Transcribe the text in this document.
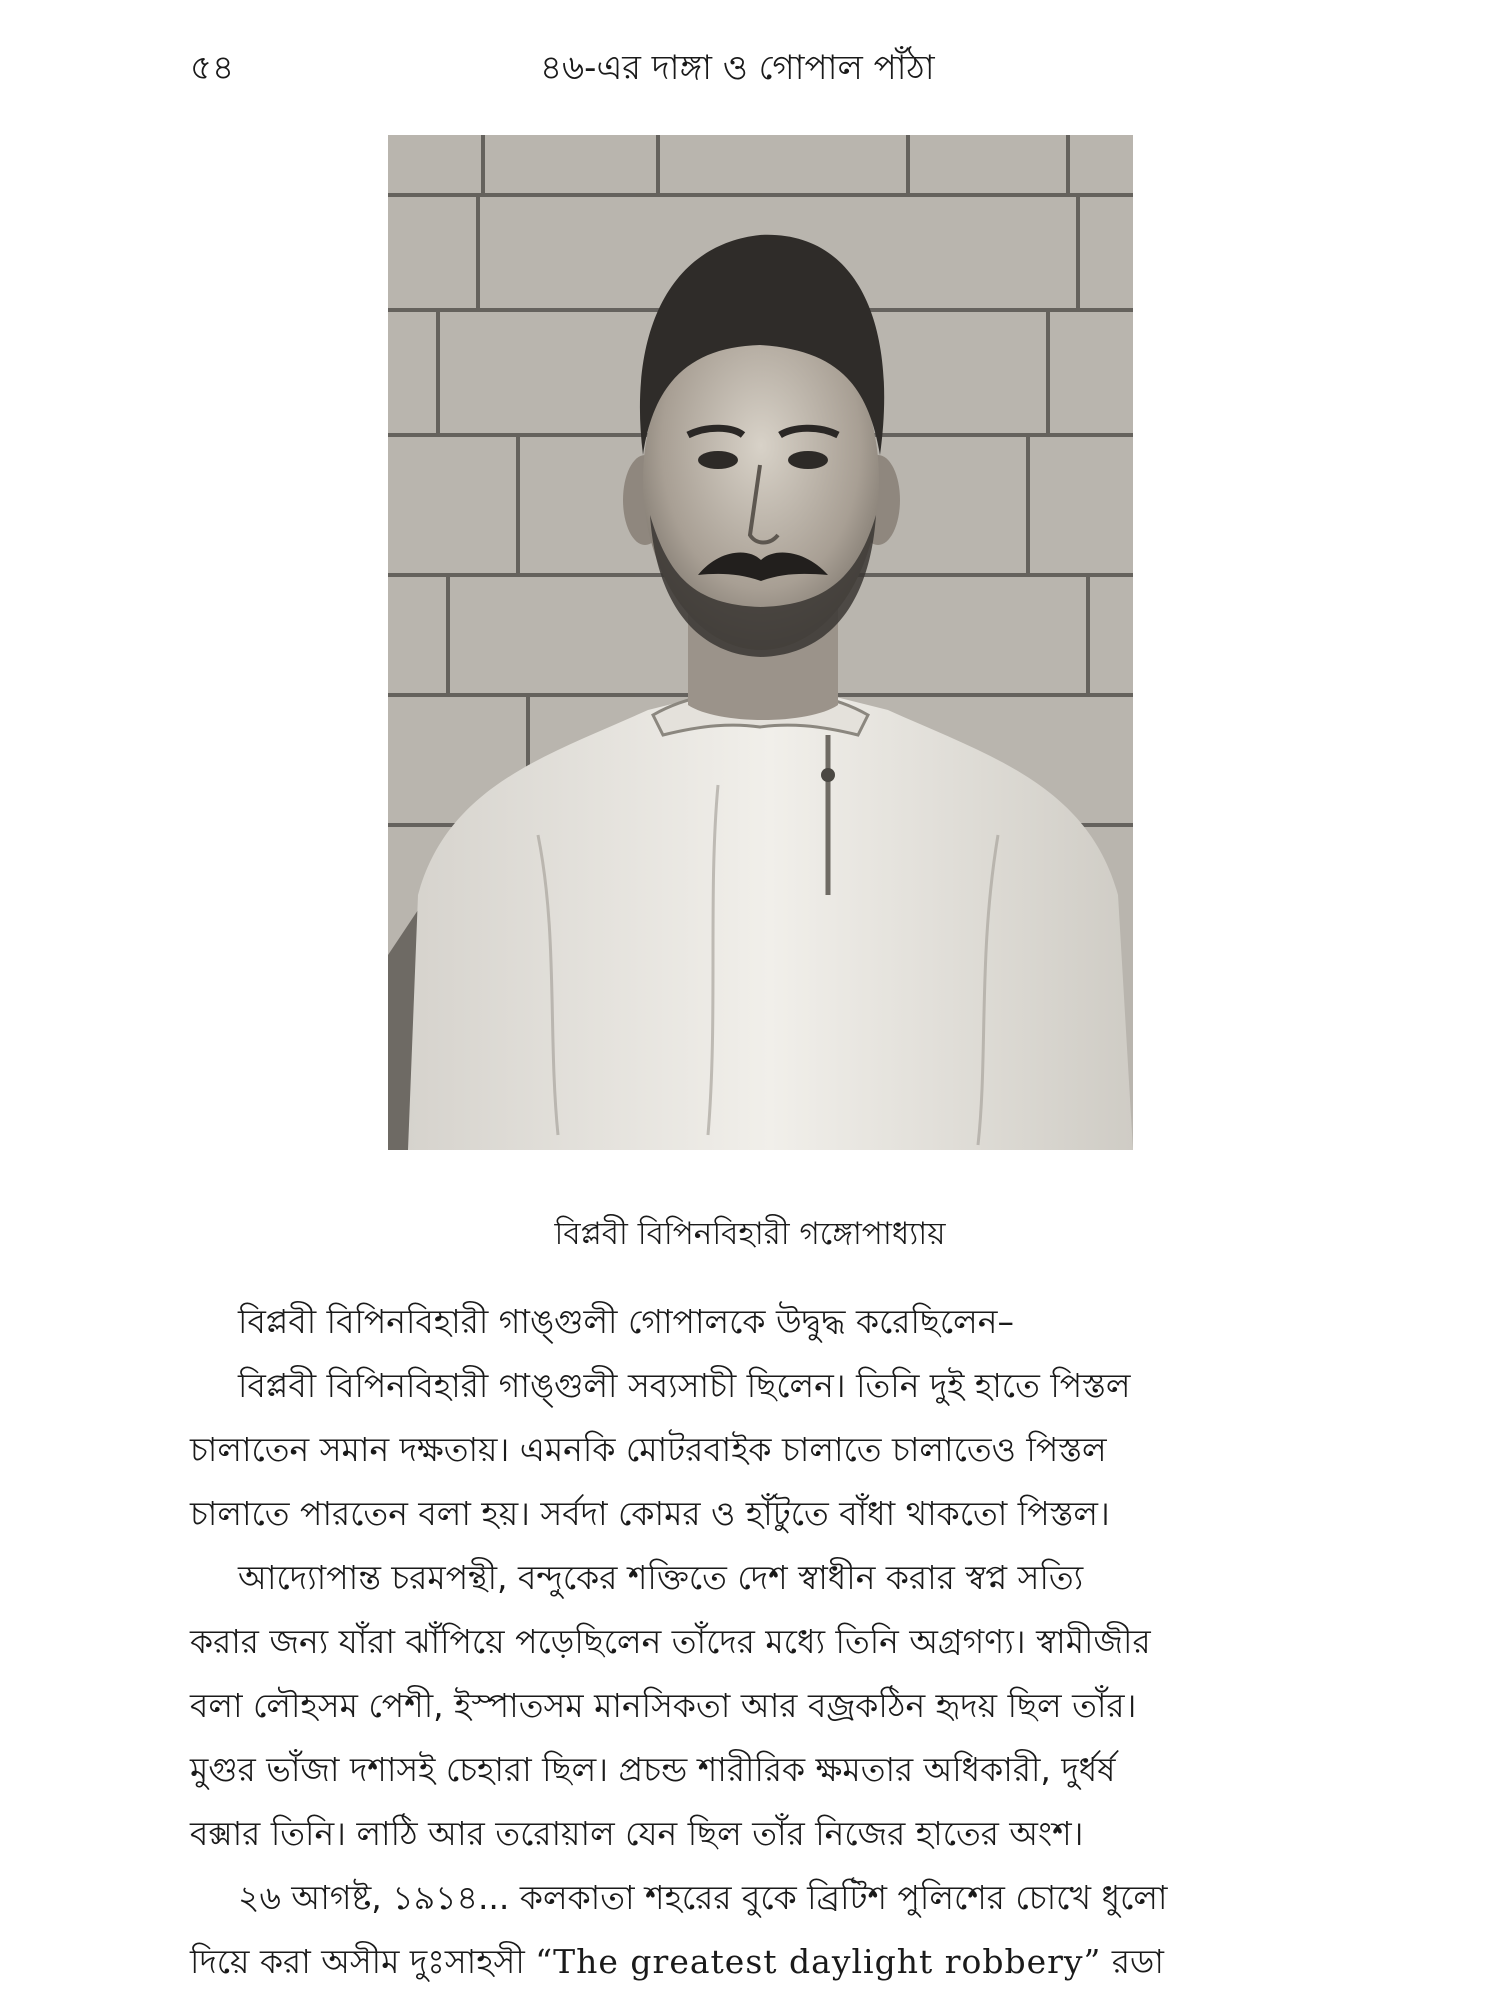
৫৪	৪৬-এর দাঙ্গা ও গোপাল পাঁঠা
বিপ্লবী বিপিনবিহারী গঙ্গোপাধ্যায়

বিপ্লবী বিপিনবিহারী গাঙ্গুলী গোপালকে উদ্বুদ্ধ করেছিলেন–

বিপ্লবী বিপিনবিহারী গাঙ্গুলী সব্যসাচী ছিলেন। তিনি দুই হাতে পিস্তল

চালাতেন সমান দক্ষতায়। এমনকি মোটরবাইক চালাতে চালাতেও পিস্তল

চালাতে পারতেন বলা হয়। সর্বদা কোমর ও হাঁটুতে বাঁধা থাকতো পিস্তল।

আদ্যোপান্ত চরমপন্থী, বন্দুকের শক্তিতে দেশ স্বাধীন করার স্বপ্ন সত্যি

করার জন্য যাঁরা ঝাঁপিয়ে পড়েছিলেন তাঁদের মধ্যে তিনি অগ্রগণ্য। স্বামীজীর

বলা লৌহসম পেশী, ইস্পাতসম মানসিকতা আর বজ্রকঠিন হৃদয় ছিল তাঁর।

মুগুর ভাঁজা দশাসই চেহারা ছিল। প্রচন্ড শারীরিক ক্ষমতার অধিকারী, দুর্ধর্ষ

বক্সার তিনি। লাঠি আর তরোয়াল যেন ছিল তাঁর নিজের হাতের অংশ।

২৬ আগষ্ট, ১৯১৪... কলকাতা শহরের বুকে ব্রিটিশ পুলিশের চোখে ধুলো

দিয়ে করা অসীম দুঃসাহসী “The greatest daylight robbery” রডা
